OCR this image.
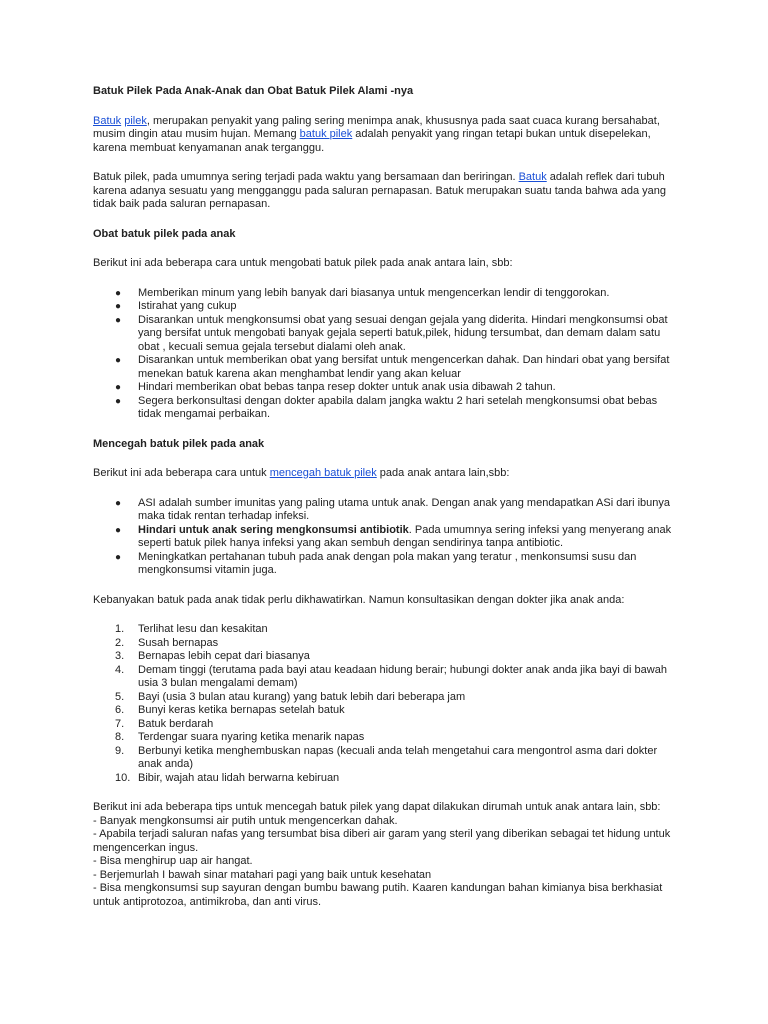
Batuk Pilek Pada Anak-Anak dan Obat Batuk Pilek Alami -nya

Batuk pilek, merupakan penyakit yang paling sering menimpa anak, khususnya pada saat cuaca kurang bersahabat, musim dingin atau musim hujan. Memang batuk pilek adalah penyakit yang ringan tetapi bukan untuk disepelekan, karena membuat kenyamanan anak terganggu.

Batuk pilek, pada umumnya sering terjadi pada waktu yang bersamaan dan beriringan. Batuk adalah reflek dari tubuh karena adanya sesuatu yang mengganggu pada saluran pernapasan. Batuk merupakan suatu tanda bahwa ada yang tidak baik pada saluran pernapasan.

Obat batuk pilek pada anak

Berikut ini ada beberapa cara untuk mengobati batuk pilek pada anak antara lain, sbb:

● Memberikan minum yang lebih banyak dari biasanya untuk mengencerkan lendir di tenggorokan.
● Istirahat yang cukup
● Disarankan untuk mengkonsumsi obat yang sesuai dengan gejala yang diderita. Hindari mengkonsumsi obat yang bersifat untuk mengobati banyak gejala seperti batuk,pilek, hidung tersumbat, dan demam dalam satu obat , kecuali semua gejala tersebut dialami oleh anak.
● Disarankan untuk memberikan obat yang bersifat untuk mengencerkan dahak. Dan hindari obat yang bersifat menekan batuk karena akan menghambat lendir yang akan keluar
● Hindari memberikan obat bebas tanpa resep dokter untuk anak usia dibawah 2 tahun.
● Segera berkonsultasi dengan dokter apabila dalam jangka waktu 2 hari setelah mengkonsumsi obat bebas tidak mengamai perbaikan.
Mencegah batuk pilek pada anak

Berikut ini ada beberapa cara untuk mencegah batuk pilek pada anak antara lain,sbb:

● ASI adalah sumber imunitas yang paling utama untuk anak. Dengan anak yang mendapatkan ASi dari ibunya maka tidak rentan terhadap infeksi.
● Hindari untuk anak sering mengkonsumsi antibiotik. Pada umumnya sering infeksi yang menyerang anak seperti batuk pilek hanya infeksi yang akan sembuh dengan sendirinya tanpa antibiotic.
● Meningkatkan pertahanan tubuh pada anak dengan pola makan yang teratur , menkonsumsi susu dan mengkonsumsi vitamin juga.

Kebanyakan batuk pada anak tidak perlu dikhawatirkan. Namun konsultasikan dengan dokter jika anak anda:

1.	Terlihat lesu dan kesakitan
2.	Susah bernapas
3.	Bernapas lebih cepat dari biasanya
4.	Demam tinggi (terutama pada bayi atau keadaan hidung berair; hubungi dokter anak anda jika bayi di bawah usia 3 bulan mengalami demam)
5.	Bayi (usia 3 bulan atau kurang) yang batuk lebih dari beberapa jam
6.	Bunyi keras ketika bernapas setelah batuk
7.	Batuk berdarah
8.	Terdengar suara nyaring ketika menarik napas
9.	Berbunyi ketika menghembuskan napas (kecuali anda telah mengetahui cara mengontrol asma dari dokter anak anda)
10. Bibir, wajah atau lidah berwarna kebiruan

Berikut ini ada beberapa tips untuk mencegah batuk pilek yang dapat dilakukan dirumah untuk anak antara lain, sbb:

- Banyak mengkonsumsi air putih untuk mengencerkan dahak.

- Apabila terjadi saluran nafas yang tersumbat bisa diberi air garam yang steril yang diberikan sebagai tet hidung untuk mengencerkan ingus.

- Bisa menghirup uap air hangat.

- Berjemurlah I bawah sinar matahari pagi yang baik untuk kesehatan

- Bisa mengkonsumsi sup sayuran dengan bumbu bawang putih. Kaaren kandungan bahan kimianya bisa berkhasiat untuk antiprotozoa, antimikroba, dan anti virus.
